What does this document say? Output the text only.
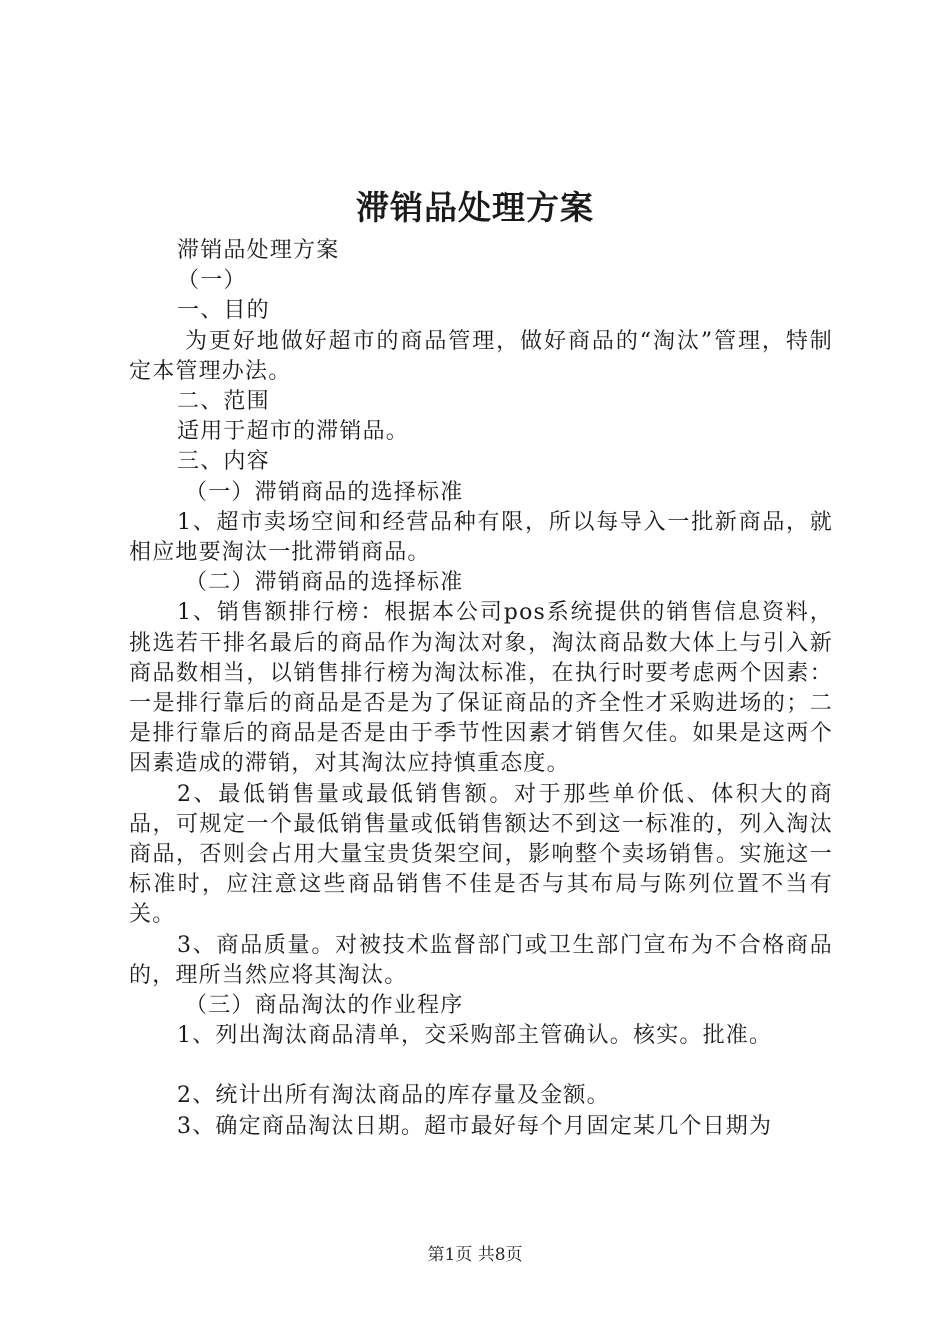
滞销品处理方案

滞销品处理方案

（一）

一、目的

为更好地做好超市的商品管理，做好商品的“淘汰”管理，特制定本管理办法。

二、范围

适用于超市的滞销品。

三、内容

（一）滞销商品的选择标准

1、超市卖场空间和经营品种有限，所以每导入一批新商品，就相应地要淘汰一批滞销商品。

（二）滞销商品的选择标准

1、销售额排行榜：根据本公司pos系统提供的销售信息资料，挑选若干排名最后的商品作为淘汰对象，淘汰商品数大体上与引入新商品数相当，以销售排行榜为淘汰标准，在执行时要考虑两个因素：一是排行靠后的商品是否是为了保证商品的齐全性才采购进场的；二是排行靠后的商品是否是由于季节性因素才销售欠佳。如果是这两个因素造成的滞销，对其淘汰应持慎重态度。

2、最低销售量或最低销售额。对于那些单价低、体积大的商品，可规定一个最低销售量或低销售额达不到这一标准的，列入淘汰商品，否则会占用大量宝贵货架空间，影响整个卖场销售。实施这一标准时，应注意这些商品销售不佳是否与其布局与陈列位置不当有关。

3、商品质量。对被技术监督部门或卫生部门宣布为不合格商品的，理所当然应将其淘汰。

（三）商品淘汰的作业程序

1、列出淘汰商品清单，交采购部主管确认。核实。批准。

2、统计出所有淘汰商品的库存量及金额。

3、确定商品淘汰日期。超市最好每个月固定某几个日期为

第1页 共8页
